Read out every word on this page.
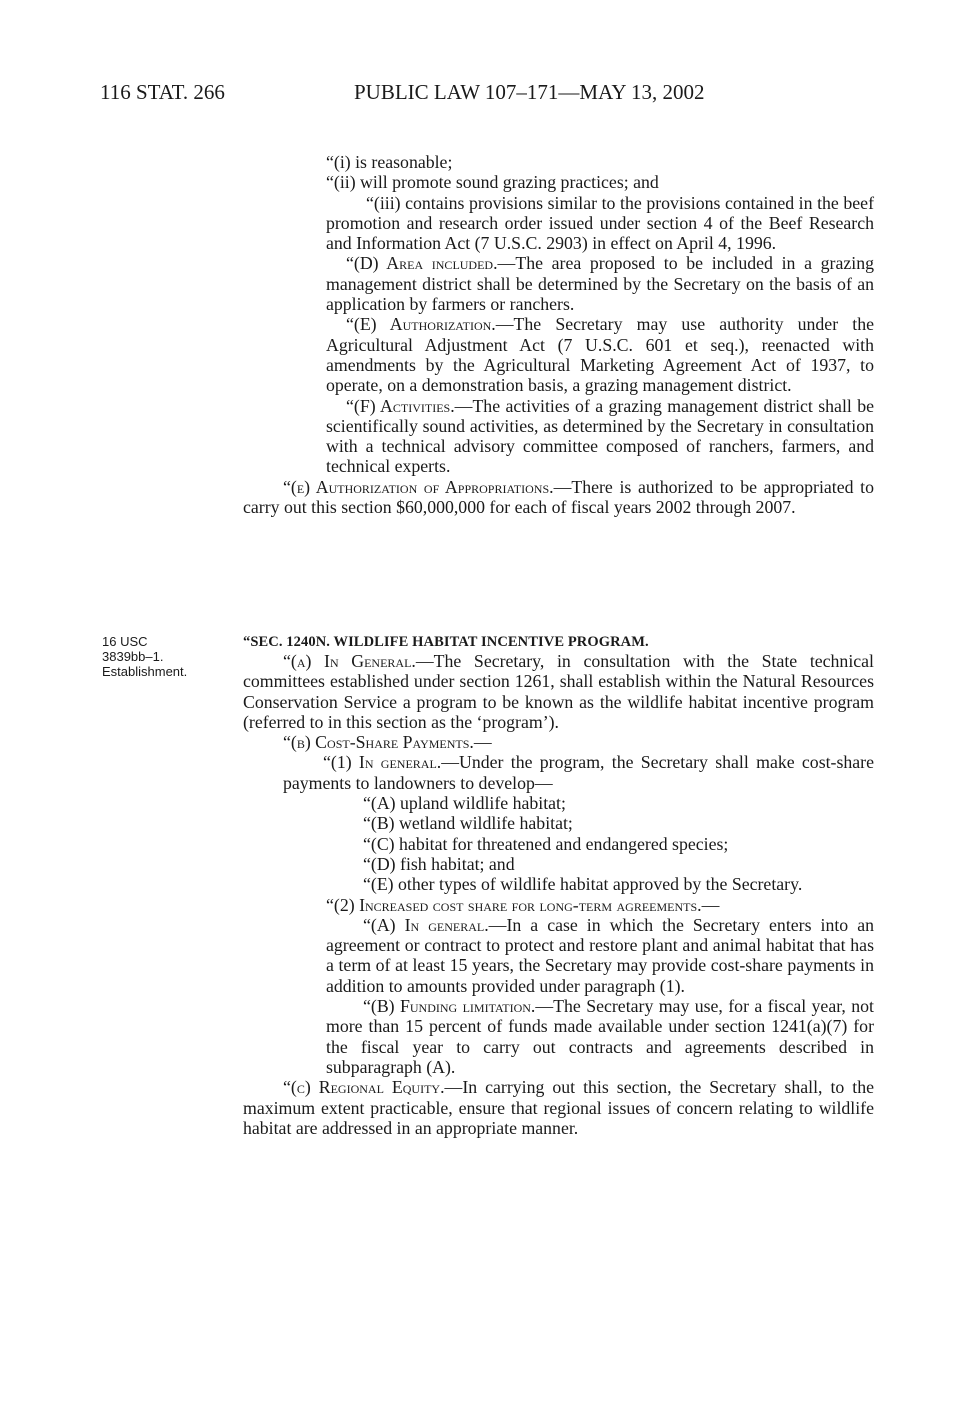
116 STAT. 266	PUBLIC LAW 107–171—MAY 13, 2002

“(i) is reasonable;

“(ii) will promote sound grazing practices; and

“(iii) contains provisions similar to the provisions contained in the beef promotion and research order issued under section 4 of the Beef Research and Information Act (7 U.S.C. 2903) in effect on April 4, 1996.

“(D) Area included.—The area proposed to be included in a grazing management district shall be determined by the Secretary on the basis of an application by farmers or ranchers.

“(E) Authorization.—The Secretary may use authority under the Agricultural Adjustment Act (7 U.S.C. 601 et seq.), reenacted with amendments by the Agricultural Marketing Agreement Act of 1937, to operate, on a demonstration basis, a grazing management district.

“(F) Activities.—The activities of a grazing management district shall be scientifically sound activities, as determined by the Secretary in consultation with a technical advisory committee composed of ranchers, farmers, and technical experts.

“(e) Authorization of Appropriations.—There is authorized to be appropriated to carry out this section $60,000,000 for each of fiscal years 2002 through 2007.

16 USC
3839bb–1.
Establishment.
“SEC. 1240N. WILDLIFE HABITAT INCENTIVE PROGRAM.

“(a) In General.—The Secretary, in consultation with the State technical committees established under section 1261, shall establish within the Natural Resources Conservation Service a program to be known as the wildlife habitat incentive program (referred to in this section as the ‘program’).

“(b) Cost-Share Payments.—

“(1) In general.—Under the program, the Secretary shall make cost-share payments to landowners to develop—

“(A) upland wildlife habitat;

“(B) wetland wildlife habitat;

“(C) habitat for threatened and endangered species;

“(D) fish habitat; and

“(E) other types of wildlife habitat approved by the Secretary.

“(2) Increased cost share for long-term agreements.—

“(A) In general.—In a case in which the Secretary enters into an agreement or contract to protect and restore plant and animal habitat that has a term of at least 15 years, the Secretary may provide cost-share payments in addition to amounts provided under paragraph (1).

“(B) Funding limitation.—The Secretary may use, for a fiscal year, not more than 15 percent of funds made available under section 1241(a)(7) for the fiscal year to carry out contracts and agreements described in subparagraph (A).

“(c) Regional Equity.—In carrying out this section, the Secretary shall, to the maximum extent practicable, ensure that regional issues of concern relating to wildlife habitat are addressed in an appropriate manner.
